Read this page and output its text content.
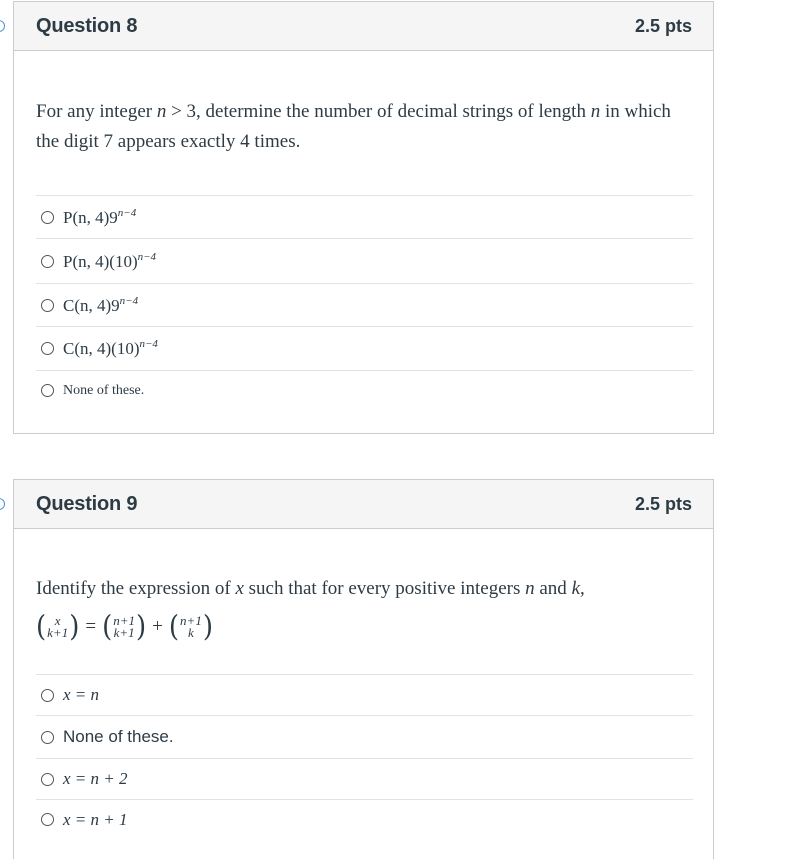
Question 8	2.5 pts

For any integer n > 3, determine the number of decimal strings of length n in which the digit 7 appears exactly 4 times.

P(n, $4)9^{n-4}$
P(n, $4)(10)^{n-4}$
C(n, $4)9^{n-4}$
C(n, $4)(10)^{n-4}$
None of these.
Question 9	2.5 pts

Identify the expression of x such that for every positive integers n and k,

( x
k+1 ) = ( n+1
k+1 ) + ( n+1
k )
x = n
None of these.
x = n + 2
x = n + 1
